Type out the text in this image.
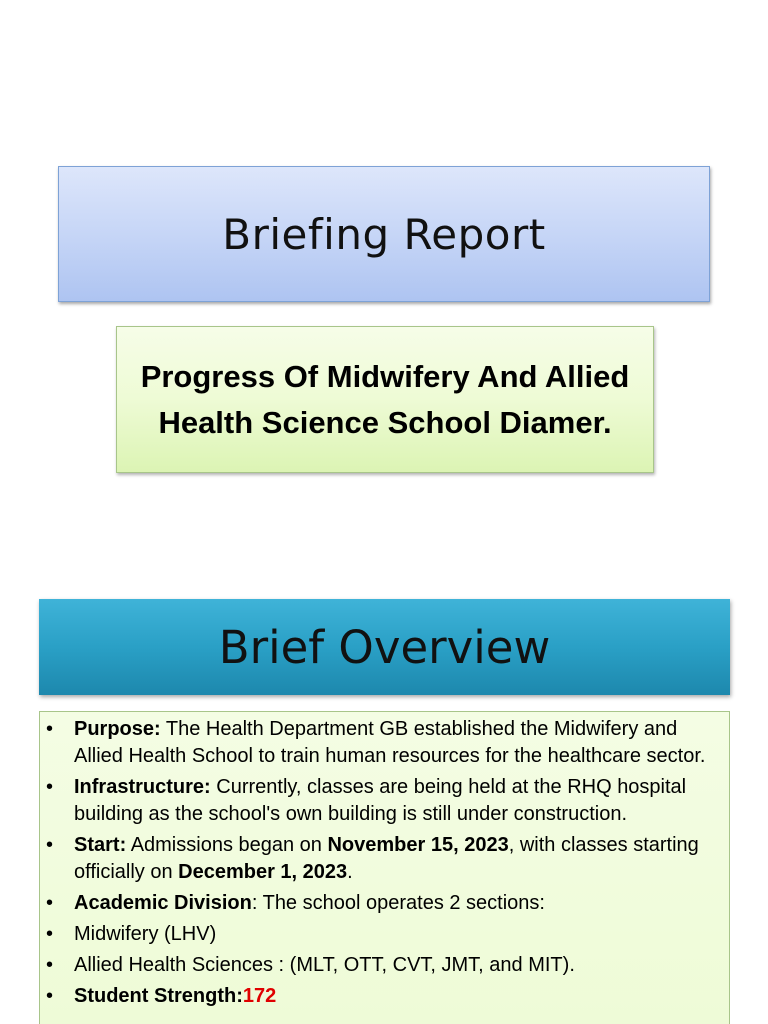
Briefing Report
Progress Of Midwifery And Allied Health Science School Diamer.
Brief Overview
• Purpose: The Health Department GB established the Midwifery and Allied Health School to train human resources for the healthcare sector.
• Infrastructure: Currently, classes are being held at the RHQ hospital building as the school's own building is still under construction.
• Start: Admissions began on November 15, 2023, with classes starting officially on December 1, 2023.
• Academic Division: The school operates 2 sections:
• Midwifery (LHV)
• Allied Health Sciences : (MLT, OTT, CVT, JMT, and MIT).
• Student Strength:172
